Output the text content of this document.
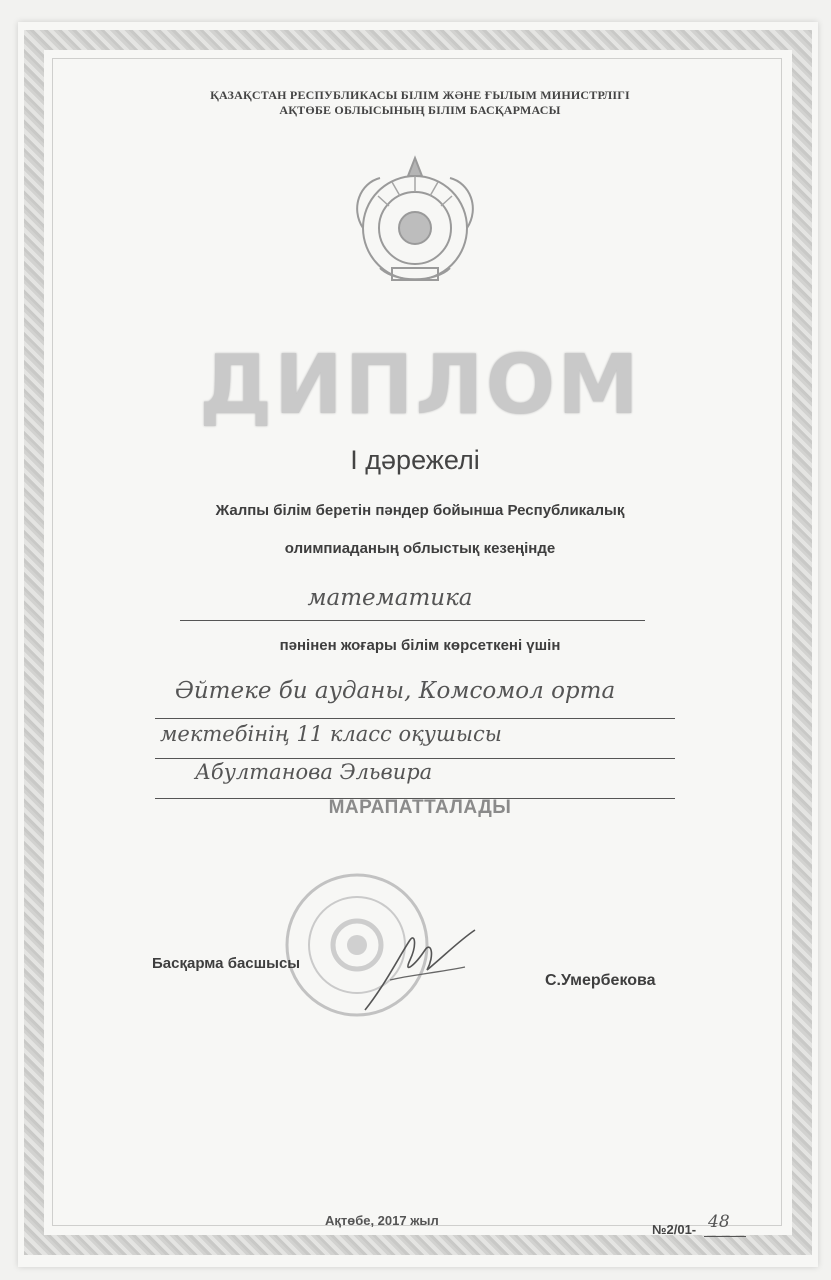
ҚАЗАҚСТАН РЕСПУБЛИКАСЫ БІЛІМ ЖӘНЕ ҒЫЛЫМ МИНИСТРЛІГІ
АҚТӨБЕ ОБЛЫСЫНЫҢ БІЛІМ БАСҚАРМАСЫ
ДИПЛОМ
І дәрежелі
Жалпы білім беретін пәндер бойынша Республикалық
олимпиаданың облыстық кезеңінде
математика
пәнінен жоғары білім көрсеткені үшін
Әйтеке би ауданы, Комсомол орта
мектебінің 11 класс оқушысы
Абултанова Эльвира
МАРАПАТТАЛАДЫ
Басқарма басшысы
С.Умербекова
Ақтөбе, 2017 жыл
№2/01- 48
